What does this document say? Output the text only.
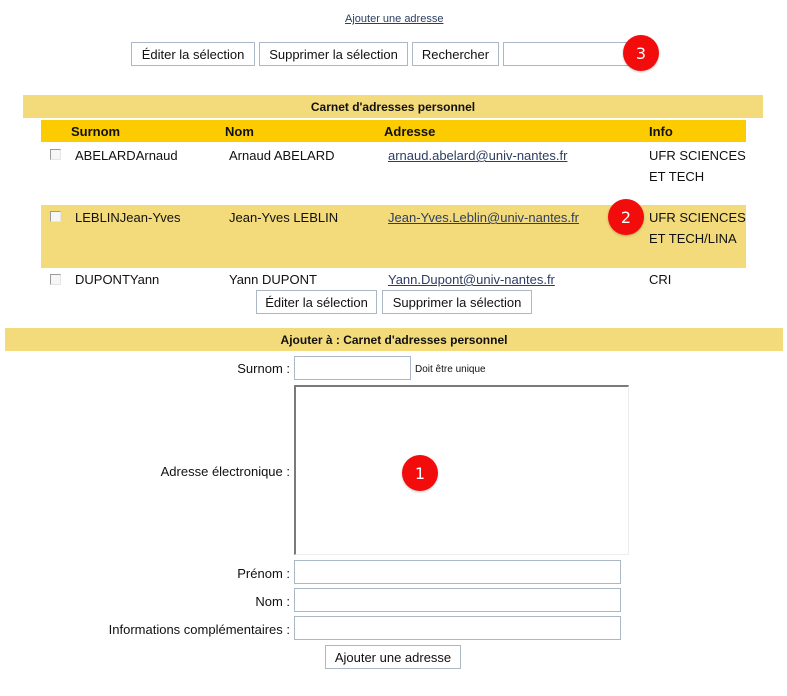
Ajouter une adresse
Éditer la sélection	Supprimer la sélection	Rechercher	3
Carnet d'adresses personnel
Surnom	Nom	Adresse	Info
ABELARDArnaud	Arnaud ABELARD	arnaud.abelard@univ-nantes.fr	UFR SCIENCES ET TECH
LEBLINJean-Yves	Jean-Yves LEBLIN	Jean-Yves.Leblin@univ-nantes.fr	UFR SCIENCES ET TECH/LINA
2
DUPONTYann	Yann DUPONT	Yann.Dupont@univ-nantes.fr	CRI
Éditer la sélection	Supprimer la sélection
Ajouter à : Carnet d'adresses personnel
Surnom :	Doit être unique
Adresse électronique :	1
Prénom :
Nom :
Informations complémentaires :
Ajouter une adresse
